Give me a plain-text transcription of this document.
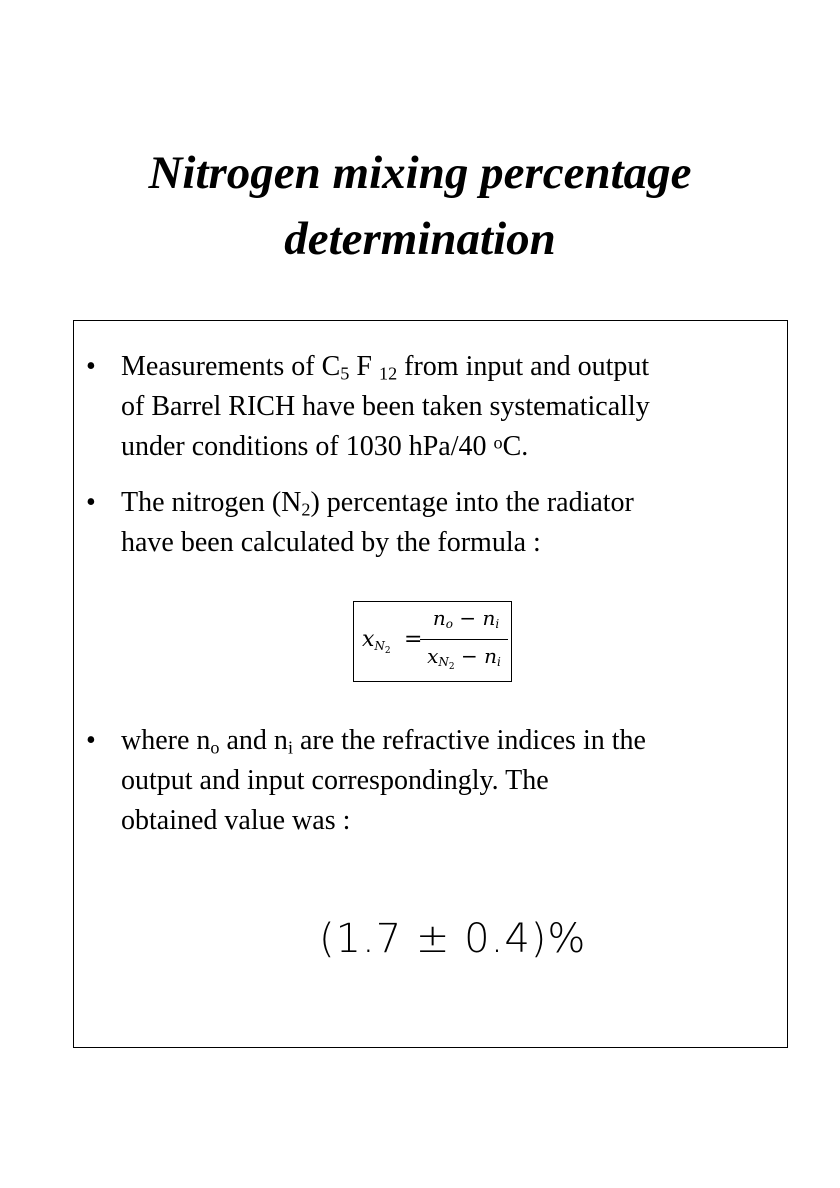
Nitrogen mixing percentage
determination
• Measurements of $C_5$ F $_{12}$ from input and output
of Barrel RICH have been taken systematically
under conditions of 1030 hPa/40 $^o$C.
• The nitrogen $(N_2)$ percentage into the radiator
have been calculated by the formula :
$x_{N_2}$ =
$n_o - n_i$
$x_{N_2} - n_i$
• where $n_o$ and $n_i$ are the refractive indices in the
output and input correspondingly. The
obtained value was :
(1.7 ± 0.4)%
